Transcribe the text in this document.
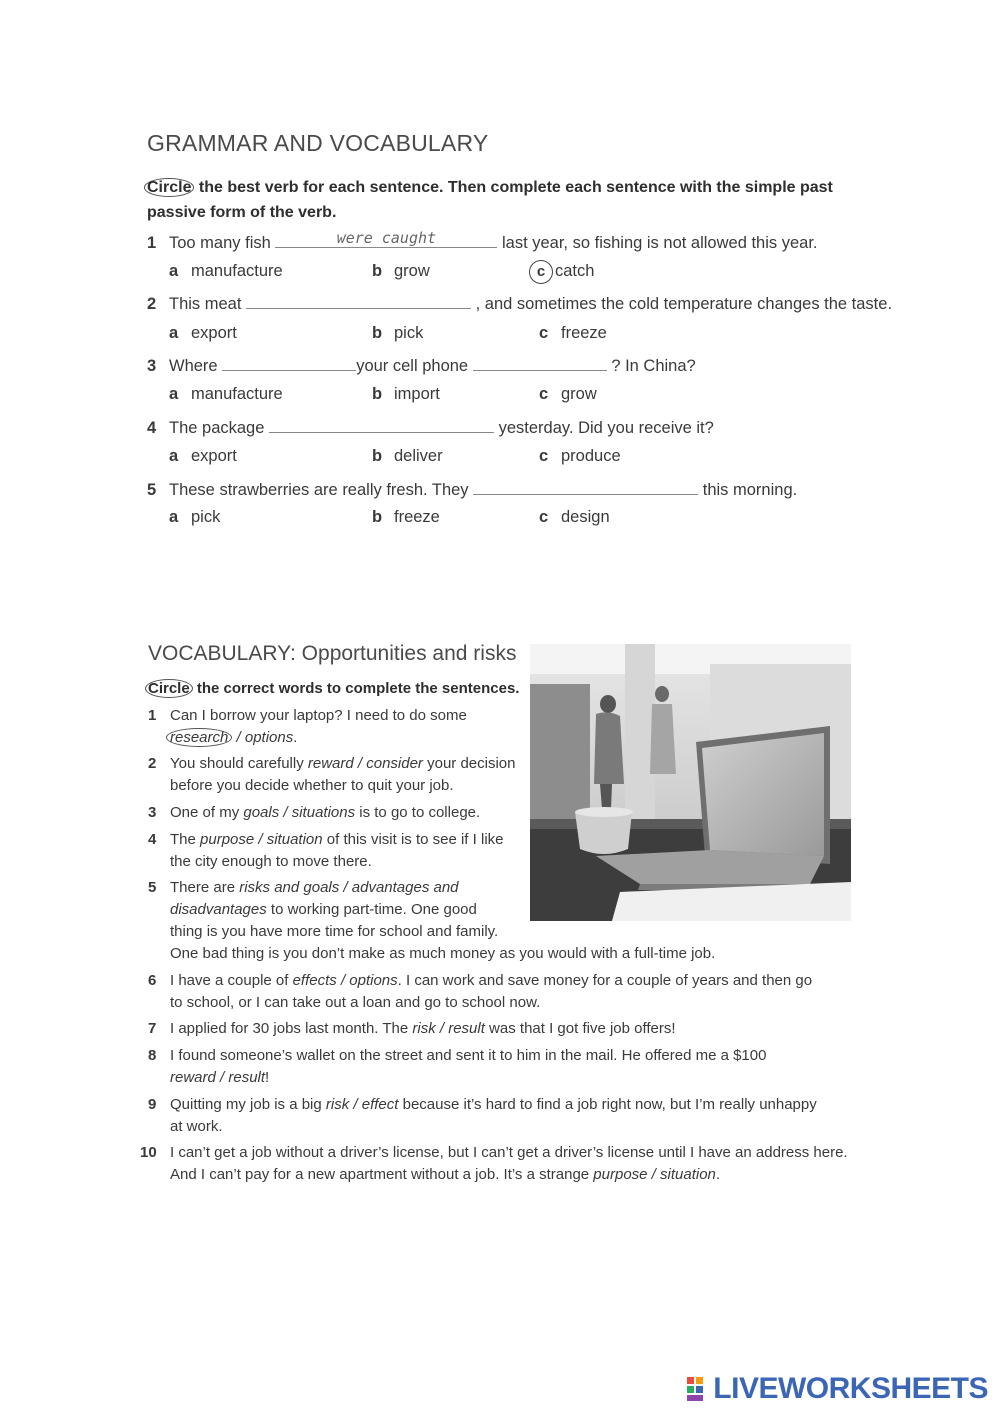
GRAMMAR AND VOCABULARY
Circle the best verb for each sentence. Then complete each sentence with the simple past passive form of the verb.
1 Too many fish	were caught	last year, so fishing is not allowed this year.
a manufacture	b grow	c catch
2 This meat	, and sometimes the cold temperature changes the taste.
a export	b pick	c freeze
3 Where	your cell phone	? In China?
a manufacture	b import	c grow
4 The package	yesterday. Did you receive it?
a export	b deliver	c produce
5 These strawberries are really fresh. They	this morning.
a pick	b freeze	c design
VOCABULARY: Opportunities and risks
Circle the correct words to complete the sentences.
1 Can I borrow your laptop? I need to do some
research / options.
2 You should carefully reward / consider your decision
before you decide whether to quit your job.
3 One of my goals / situations is to go to college.
4 The purpose / situation of this visit is to see if I like
the city enough to move there.
5 There are risks and goals / advantages and
disadvantages to working part-time. One good
thing is you have more time for school and family.
One bad thing is you don’t make as much money as you would with a full-time job.
6 I have a couple of effects / options. I can work and save money for a couple of years and then go
to school, or I can take out a loan and go to school now.
7 I applied for 30 jobs last month. The risk / result was that I got five job offers!
8 I found someone’s wallet on the street and sent it to him in the mail. He offered me a $100
reward / result!
9 Quitting my job is a big risk / effect because it’s hard to find a job right now, but I’m really unhappy
at work.
10 I can’t get a job without a driver’s license, but I can’t get a driver’s license until I have an address here.
And I can’t pay for a new apartment without a job. It’s a strange purpose / situation.
LIVEWORKSHEETS
